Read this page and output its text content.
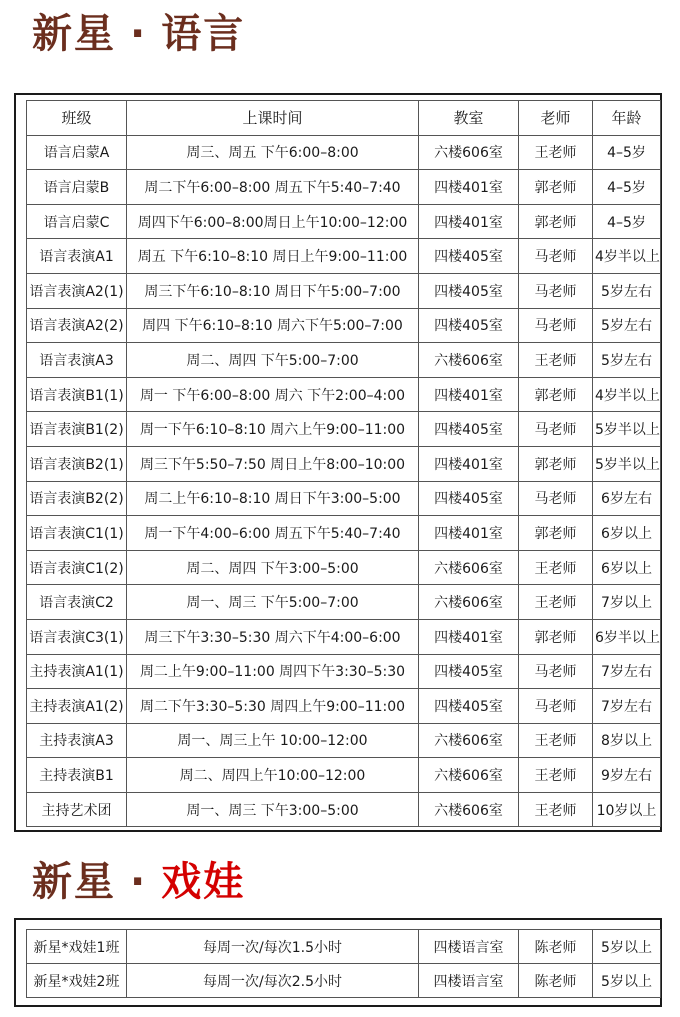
新星 · 语言
班级	上课时间	教室	老师	年龄
语言启蒙A	周三、周五 下午6:00–8:00	六楼606室	王老师	4–5岁
语言启蒙B	周二下午6:00–8:00 周五下午5:40–7:40	四楼401室	郭老师	4–5岁
语言启蒙C	周四下午6:00–8:00周日上午10:00–12:00	四楼401室	郭老师	4–5岁
语言表演A1	周五 下午6:10–8:10 周日上午9:00–11:00	四楼405室	马老师	4岁半以上
语言表演A2(1)	周三下午6:10–8:10 周日下午5:00–7:00	四楼405室	马老师	5岁左右
语言表演A2(2)	周四 下午6:10–8:10 周六下午5:00–7:00	四楼405室	马老师	5岁左右
语言表演A3	周二、周四 下午5:00–7:00	六楼606室	王老师	5岁左右
语言表演B1(1)	周一 下午6:00–8:00 周六 下午2:00–4:00	四楼401室	郭老师	4岁半以上
语言表演B1(2)	周一下午6:10–8:10 周六上午9:00–11:00	四楼405室	马老师	5岁半以上
语言表演B2(1)	周三下午5:50–7:50 周日上午8:00–10:00	四楼401室	郭老师	5岁半以上
语言表演B2(2)	周二上午6:10–8:10 周日下午3:00–5:00	四楼405室	马老师	6岁左右
语言表演C1(1)	周一下午4:00–6:00 周五下午5:40–7:40	四楼401室	郭老师	6岁以上
语言表演C1(2)	周二、周四 下午3:00–5:00	六楼606室	王老师	6岁以上
语言表演C2	周一、周三 下午5:00–7:00	六楼606室	王老师	7岁以上
语言表演C3(1)	周三下午3:30–5:30 周六下午4:00–6:00	四楼401室	郭老师	6岁半以上
主持表演A1(1)	周二上午9:00–11:00 周四下午3:30–5:30	四楼405室	马老师	7岁左右
主持表演A1(2)	周二下午3:30–5:30 周四上午9:00–11:00	四楼405室	马老师	7岁左右
主持表演A3	周一、周三上午 10:00–12:00	六楼606室	王老师	8岁以上
主持表演B1	周二、周四上午10:00–12:00	六楼606室	王老师	9岁左右
主持艺术团	周一、周三 下午3:00–5:00	六楼606室	王老师	10岁以上
新星 · 戏娃
新星*戏娃1班	每周一次/每次1.5小时	四楼语言室	陈老师	5岁以上
新星*戏娃2班	每周一次/每次2.5小时	四楼语言室	陈老师	5岁以上
